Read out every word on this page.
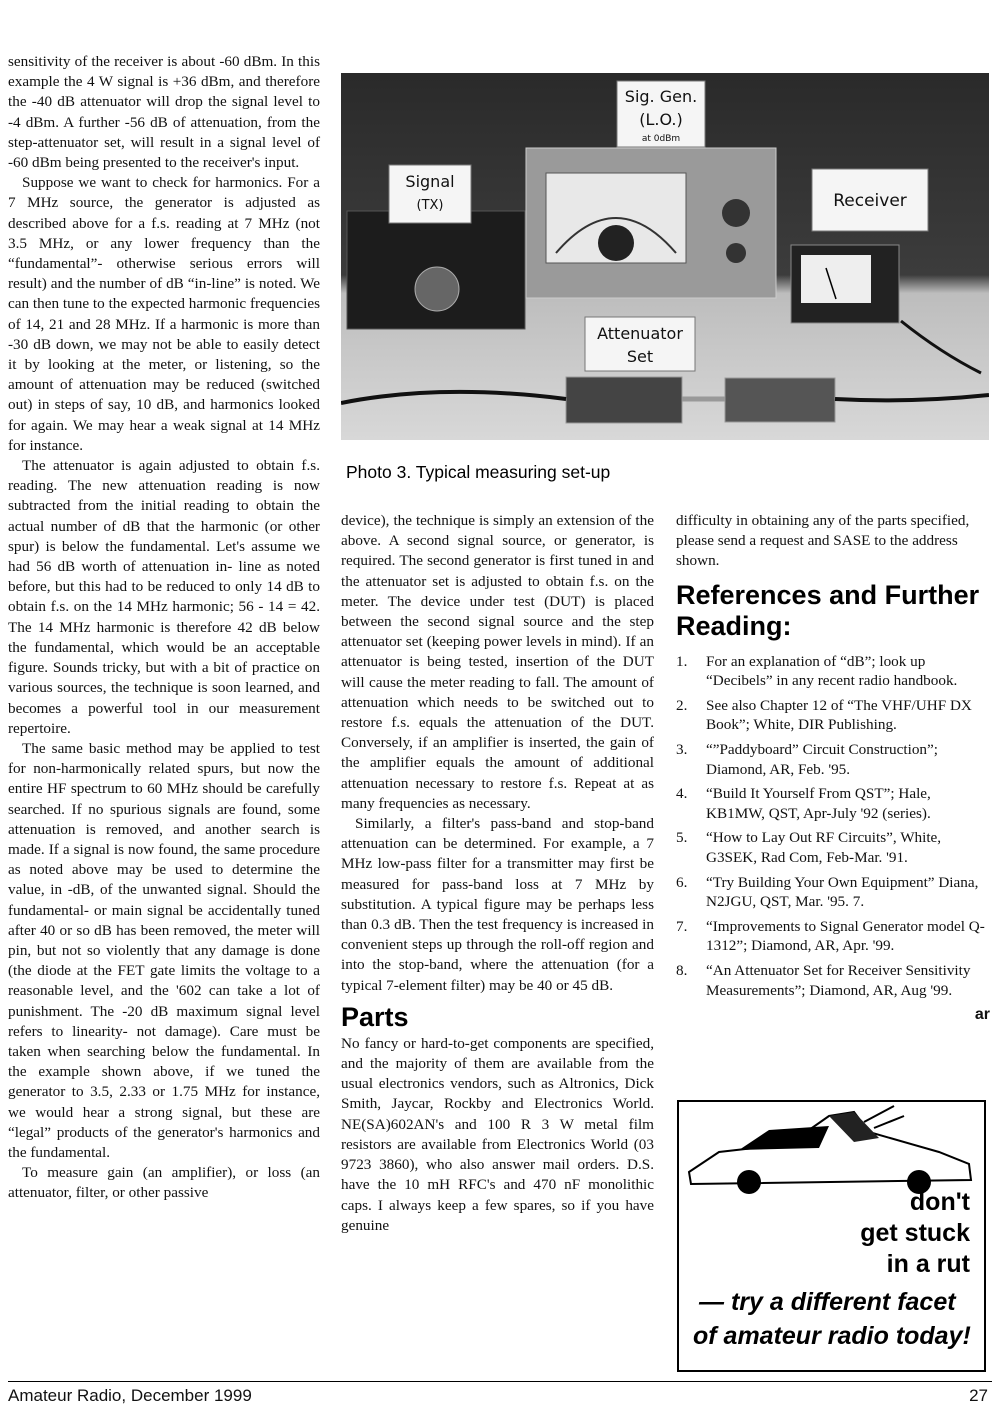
sensitivity of the receiver is about -60 dBm. In this example the 4 W signal is +36 dBm, and therefore the -40 dB attenuator will drop the signal level to -4 dBm. A further -56 dB of attenuation, from the step-attenuator set, will result in a signal level of -60 dBm being presented to the receiver's input.

Suppose we want to check for harmonics. For a 7 MHz source, the generator is adjusted as described above for a f.s. reading at 7 MHz (not 3.5 MHz, or any lower frequency than the “fundamental”- otherwise serious errors will result) and the number of dB “in-line” is noted. We can then tune to the expected harmonic frequencies of 14, 21 and 28 MHz. If a harmonic is more than -30 dB down, we may not be able to easily detect it by looking at the meter, or listening, so the amount of attenuation may be reduced (switched out) in steps of say, 10 dB, and harmonics looked for again. We may hear a weak signal at 14 MHz for instance.

The attenuator is again adjusted to obtain f.s. reading. The new attenuation reading is now subtracted from the initial reading to obtain the actual number of dB that the harmonic (or other spur) is below the fundamental. Let's assume we had 56 dB worth of attenuation in- line as noted before, but this had to be reduced to only 14 dB to obtain f.s. on the 14 MHz harmonic; 56 - 14 = 42. The 14 MHz harmonic is therefore 42 dB below the fundamental, which would be an acceptable figure. Sounds tricky, but with a bit of practice on various sources, the technique is soon learned, and becomes a powerful tool in our measurement repertoire.

The same basic method may be applied to test for non-harmonically related spurs, but now the entire HF spectrum to 60 MHz should be carefully searched. If no spurious signals are found, some attenuation is removed, and another search is made. If a signal is now found, the same procedure as noted above may be used to determine the value, in -dB, of the unwanted signal. Should the fundamental- or main signal be accidentally tuned after 40 or so dB has been removed, the meter will pin, but not so violently that any damage is done (the diode at the FET gate limits the voltage to a reasonable level, and the '602 can take a lot of punishment. The -20 dB maximum signal level refers to linearity- not damage). Care must be taken when searching below the fundamental. In the example shown above, if we tuned the generator to 3.5, 2.33 or 1.75 MHz for instance, we would hear a strong signal, but these are “legal” products of the generator's harmonics and the fundamental.

To measure gain (an amplifier), or loss (an attenuator, filter, or other passive

Sig. Gen.
(L.O.)
at 0dBm
Signal
(TX)	Receiver
Attenuator
Set
Photo 3. Typical measuring set-up

device), the technique is simply an extension of the above. A second signal source, or generator, is required. The second generator is first tuned in and the attenuator set is adjusted to obtain f.s. on the meter. The device under test (DUT) is placed between the second signal source and the step attenuator set (keeping power levels in mind). If an attenuator is being tested, insertion of the DUT will cause the meter reading to fall. The amount of attenuation which needs to be switched out to restore f.s. equals the attenuation of the DUT. Conversely, if an amplifier is inserted, the gain of the amplifier equals the amount of additional attenuation necessary to restore f.s. Repeat at as many frequencies as necessary.

Similarly, a filter's pass-band and stop-band attenuation can be determined. For example, a 7 MHz low-pass filter for a transmitter may first be measured for pass-band loss at 7 MHz by substitution. A typical figure may be perhaps less than 0.3 dB. Then the test frequency is increased in convenient steps up through the roll-off region and into the stop-band, where the attenuation (for a typical 7-element filter) may be 40 or 45 dB.

Parts

No fancy or hard-to-get components are specified, and the majority of them are available from the usual electronics vendors, such as Altronics, Dick Smith, Jaycar, Rockby and Electronics World. NE(SA)602AN's and 100 R 3 W metal film resistors are available from Electronics World (03 9723 3860), who also answer mail orders. D.S. have the 10 mH RFC's and 470 nF monolithic caps. I always keep a few spares, so if you have genuine

difficulty in obtaining any of the parts specified, please send a request and SASE to the address shown.

References and Further Reading:
1. For an explanation of “dB”; look up “Decibels” in any recent radio handbook.
2. See also Chapter 12 of “The VHF/UHF DX Book”; White, DIR Publishing.
3. “”Paddyboard” Circuit Construction”; Diamond, AR, Feb. '95.
4. “Build It Yourself From QST”; Hale, KB1MW, QST, Apr-July '92 (series).
5. “How to Lay Out RF Circuits”, White, G3SEK, Rad Com, Feb-Mar. '91.
6. “Try Building Your Own Equipment” Diana, N2JGU, QST, Mar. '95. 7.
7. “Improvements to Signal Generator model Q-1312”; Diamond, AR, Apr. '99.
8. “An Attenuator Set for Receiver Sensitivity Measurements”; Diamond, AR, Aug '99.
ar
don't
get stuck
in a rut
— try a different facet
of amateur radio today!
Amateur Radio, December 1999	27
